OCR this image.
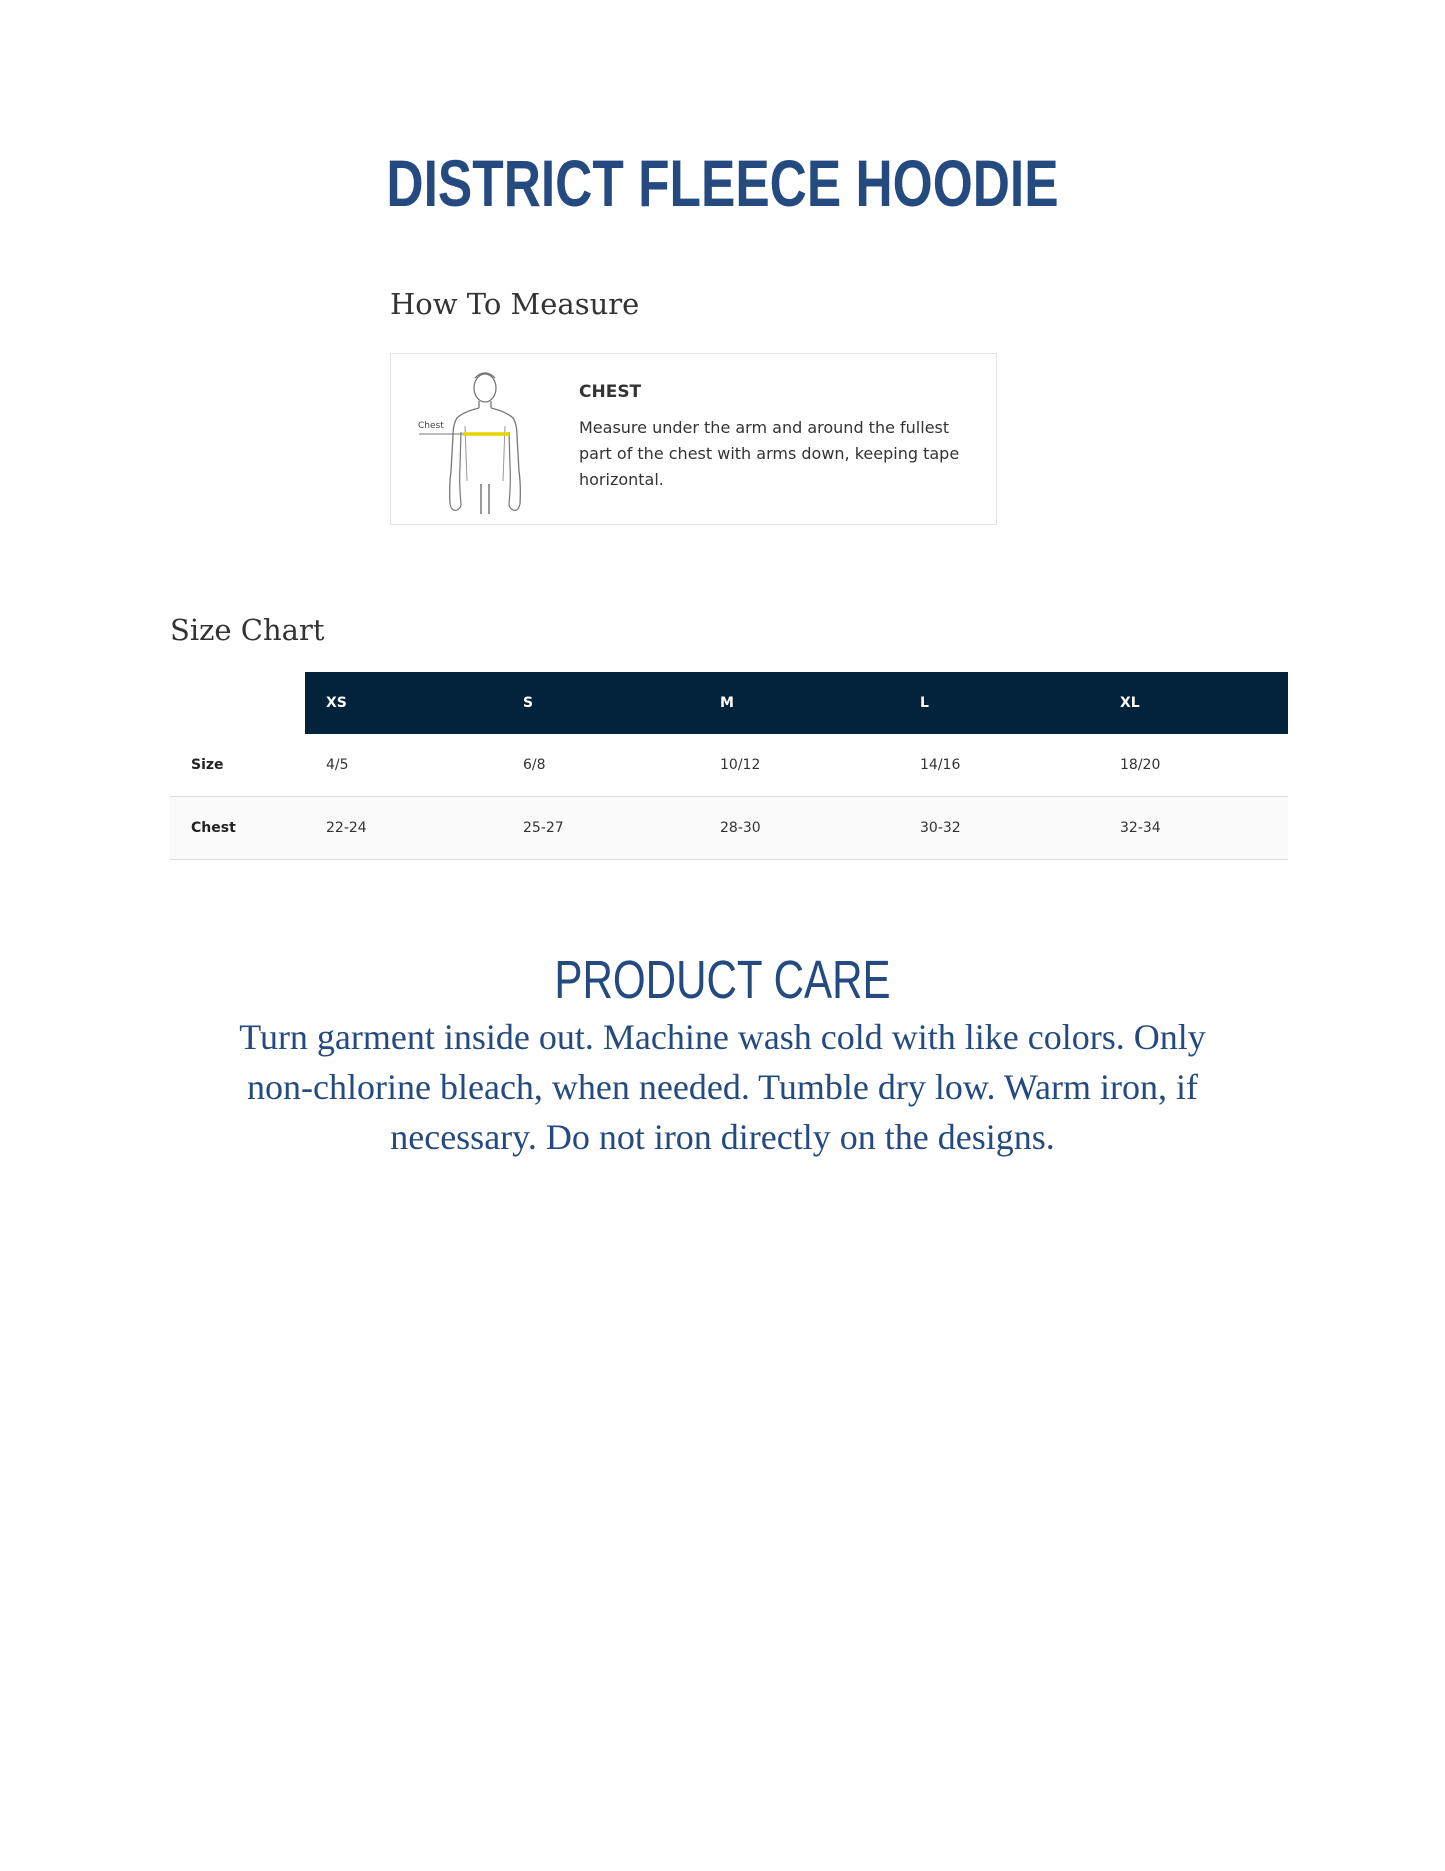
DISTRICT FLEECE HOODIE
How To Measure
Chest

CHEST

Measure under the arm and around the fullest part of the chest with arms down, keeping tape horizontal.

Size Chart
	XS	S	M	L	XL
Size	4/5	6/8	10/12	14/16	18/20
Chest	22-24	25-27	28-30	30-32	32-34
PRODUCT CARE

Turn garment inside out. Machine wash cold with like colors. Only non-chlorine bleach, when needed. Tumble dry low. Warm iron, if necessary. Do not iron directly on the designs.
